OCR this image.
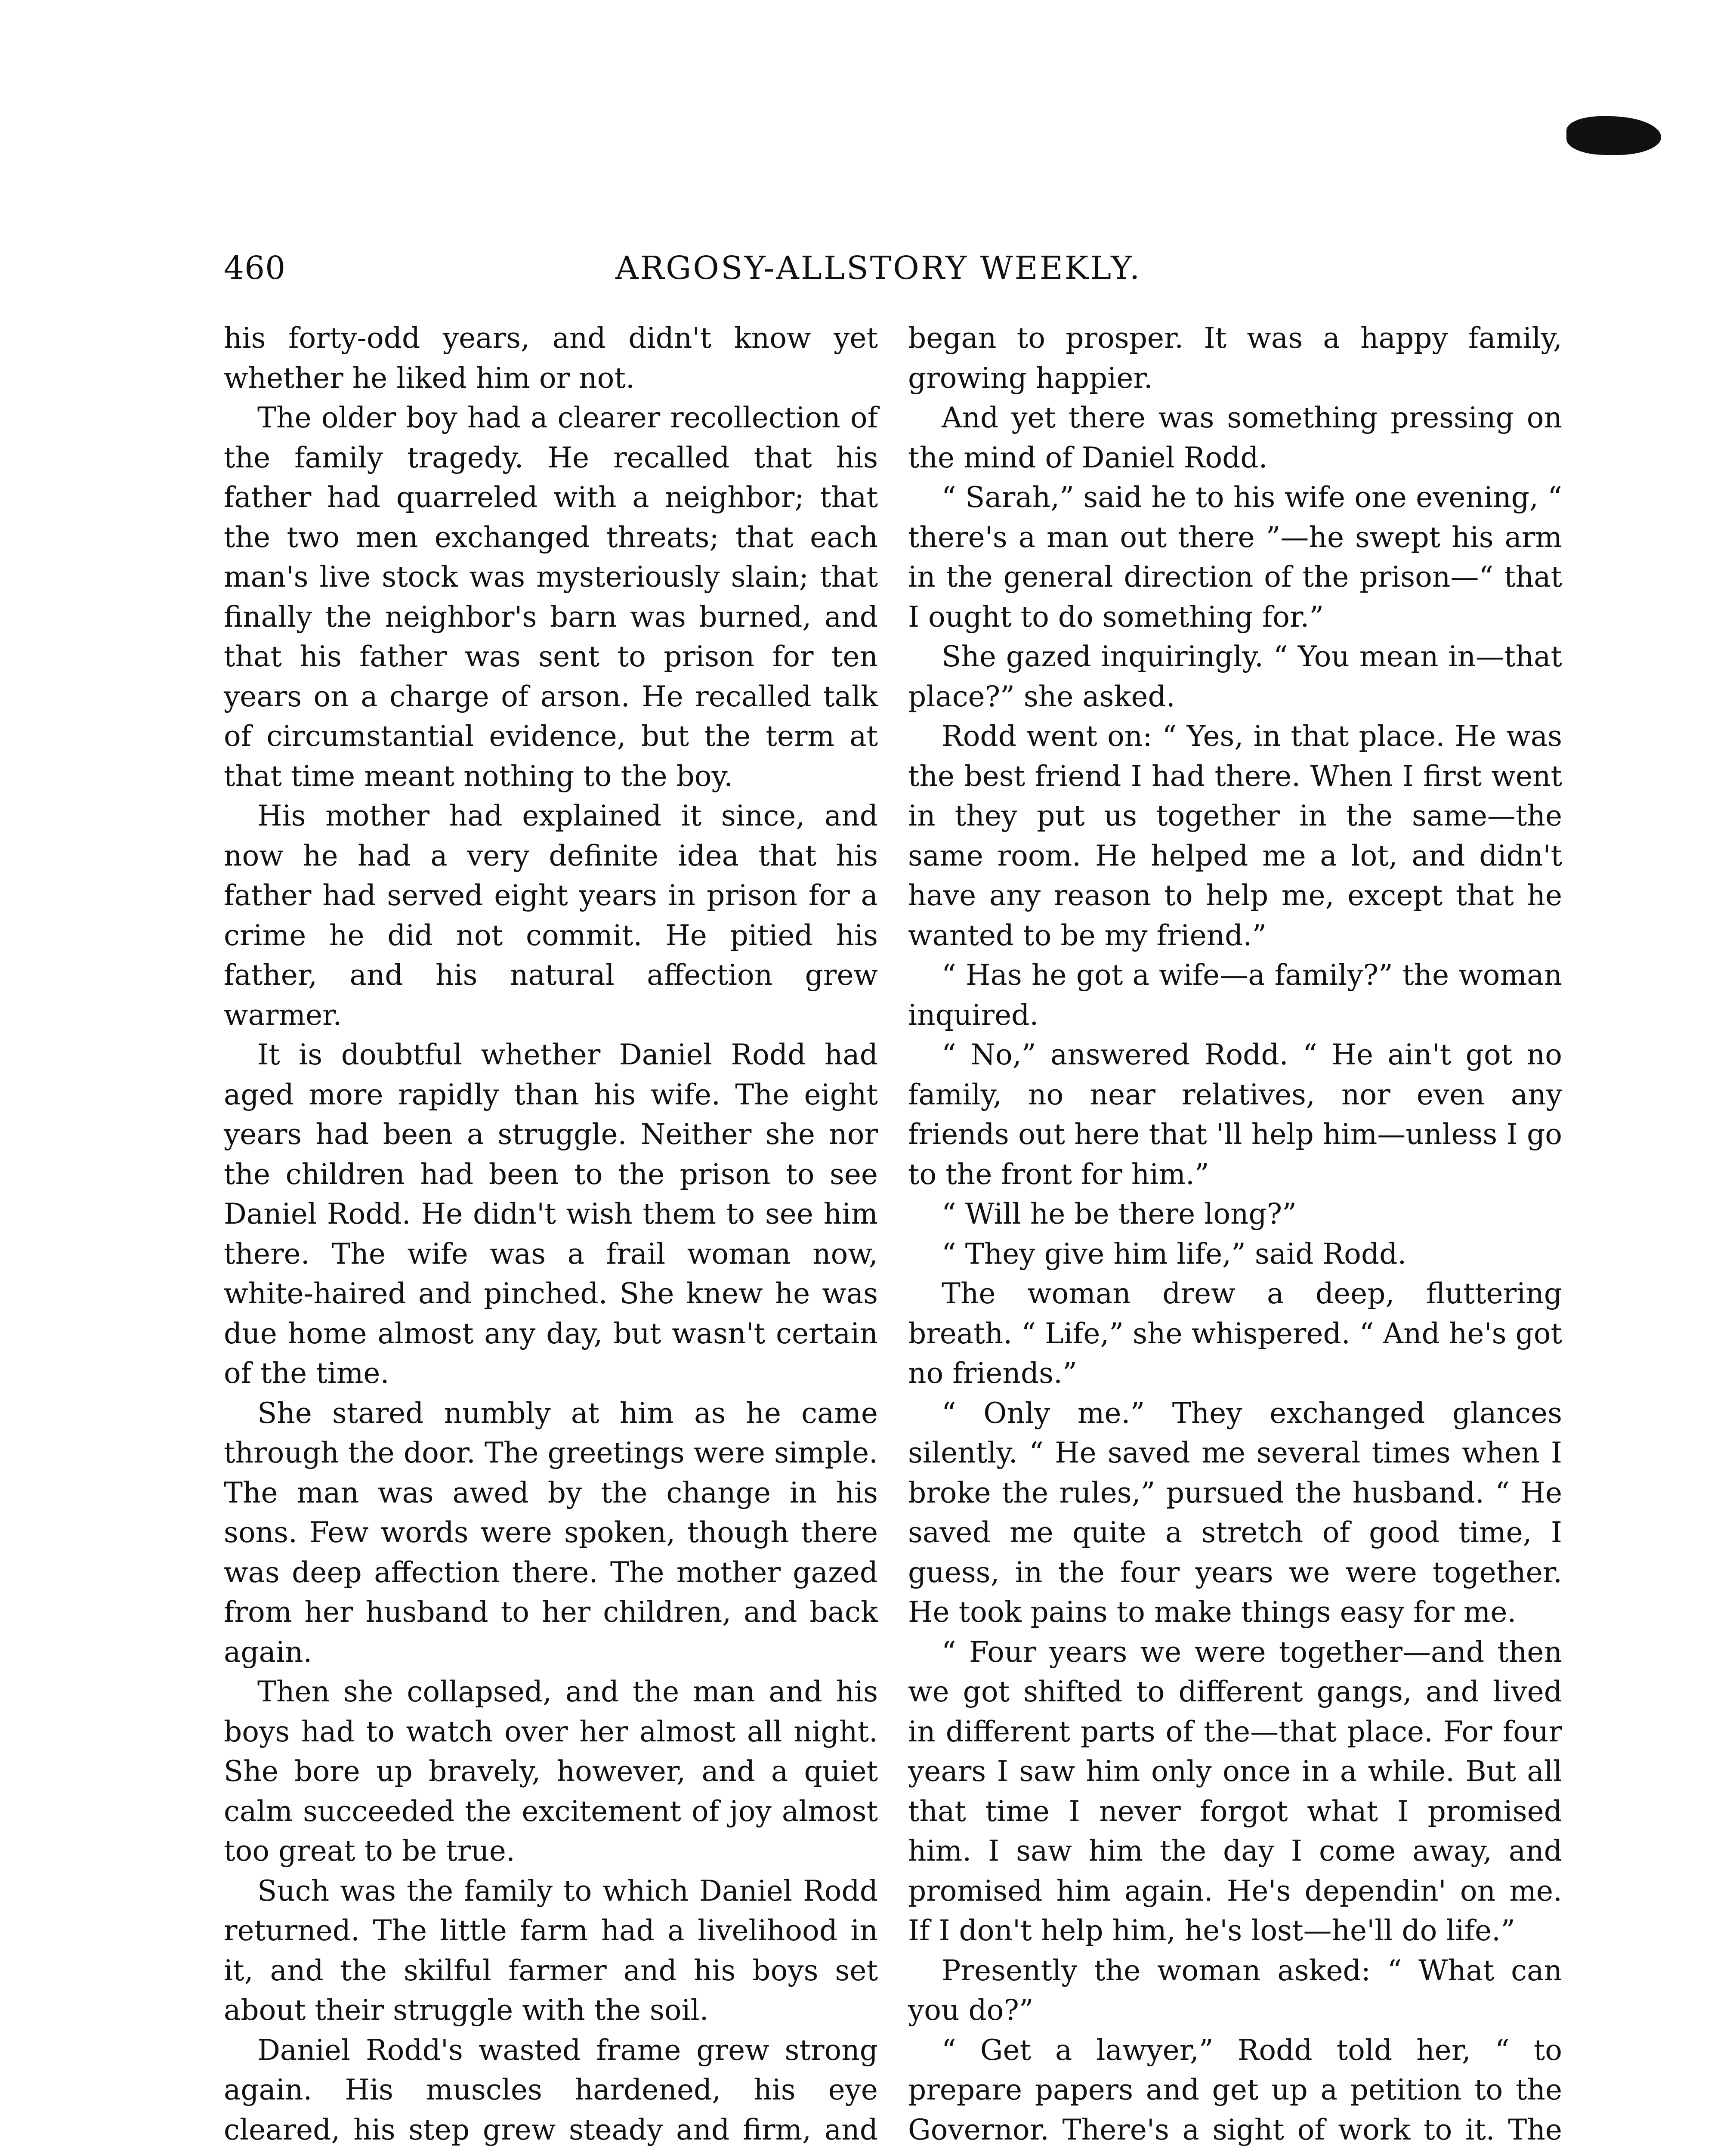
460	ARGOSY-ALLSTORY WEEKLY.

his forty-odd years, and didn't know yet whether he liked him or not.

The older boy had a clearer recollection of the family tragedy. He recalled that his father had quarreled with a neighbor; that the two men exchanged threats; that each man's live stock was mysteriously slain; that finally the neighbor's barn was burned, and that his father was sent to prison for ten years on a charge of arson. He recalled talk of circumstantial evidence, but the term at that time meant nothing to the boy.

His mother had explained it since, and now he had a very definite idea that his father had served eight years in prison for a crime he did not commit. He pitied his father, and his natural affection grew warmer.

It is doubtful whether Daniel Rodd had aged more rapidly than his wife. The eight years had been a struggle. Neither she nor the children had been to the prison to see Daniel Rodd. He didn't wish them to see him there. The wife was a frail woman now, white-haired and pinched. She knew he was due home almost any day, but wasn't certain of the time.

She stared numbly at him as he came through the door. The greetings were simple. The man was awed by the change in his sons. Few words were spoken, though there was deep affection there. The mother gazed from her husband to her children, and back again.

Then she collapsed, and the man and his boys had to watch over her almost all night. She bore up bravely, however, and a quiet calm succeeded the excitement of joy almost too great to be true.

Such was the family to which Daniel Rodd returned. The little farm had a livelihood in it, and the skilful farmer and his boys set about their struggle with the soil.

Daniel Rodd's wasted frame grew strong again. His muscles hardened, his eye cleared, his step grew steady and firm, and

began to prosper. It was a happy family, growing happier.

And yet there was something pressing on the mind of Daniel Rodd.

“ Sarah,” said he to his wife one evening, “ there's a man out there ”—he swept his arm in the general direction of the prison—“ that I ought to do something for.”

She gazed inquiringly. “ You mean in—that place?” she asked.

Rodd went on: “ Yes, in that place. He was the best friend I had there. When I first went in they put us together in the same—the same room. He helped me a lot, and didn't have any reason to help me, except that he wanted to be my friend.”

“ Has he got a wife—a family?” the woman inquired.

“ No,” answered Rodd. “ He ain't got no family, no near relatives, nor even any friends out here that 'll help him—unless I go to the front for him.”

“ Will he be there long?”

“ They give him life,” said Rodd.

The woman drew a deep, fluttering breath. “ Life,” she whispered. “ And he's got no friends.”

“ Only me.” They exchanged glances silently. “ He saved me several times when I broke the rules,” pursued the husband. “ He saved me quite a stretch of good time, I guess, in the four years we were together. He took pains to make things easy for me.

“ Four years we were together—and then we got shifted to different gangs, and lived in different parts of the—that place. For four years I saw him only once in a while. But all that time I never forgot what I promised him. I saw him the day I come away, and promised him again. He's dependin' on me. If I don't help him, he's lost—he'll do life.”

Presently the woman asked: “ What can you do?”

“ Get a lawyer,” Rodd told her, “ to prepare papers and get up a petition to the Governor. There's a sight of work to it. The
